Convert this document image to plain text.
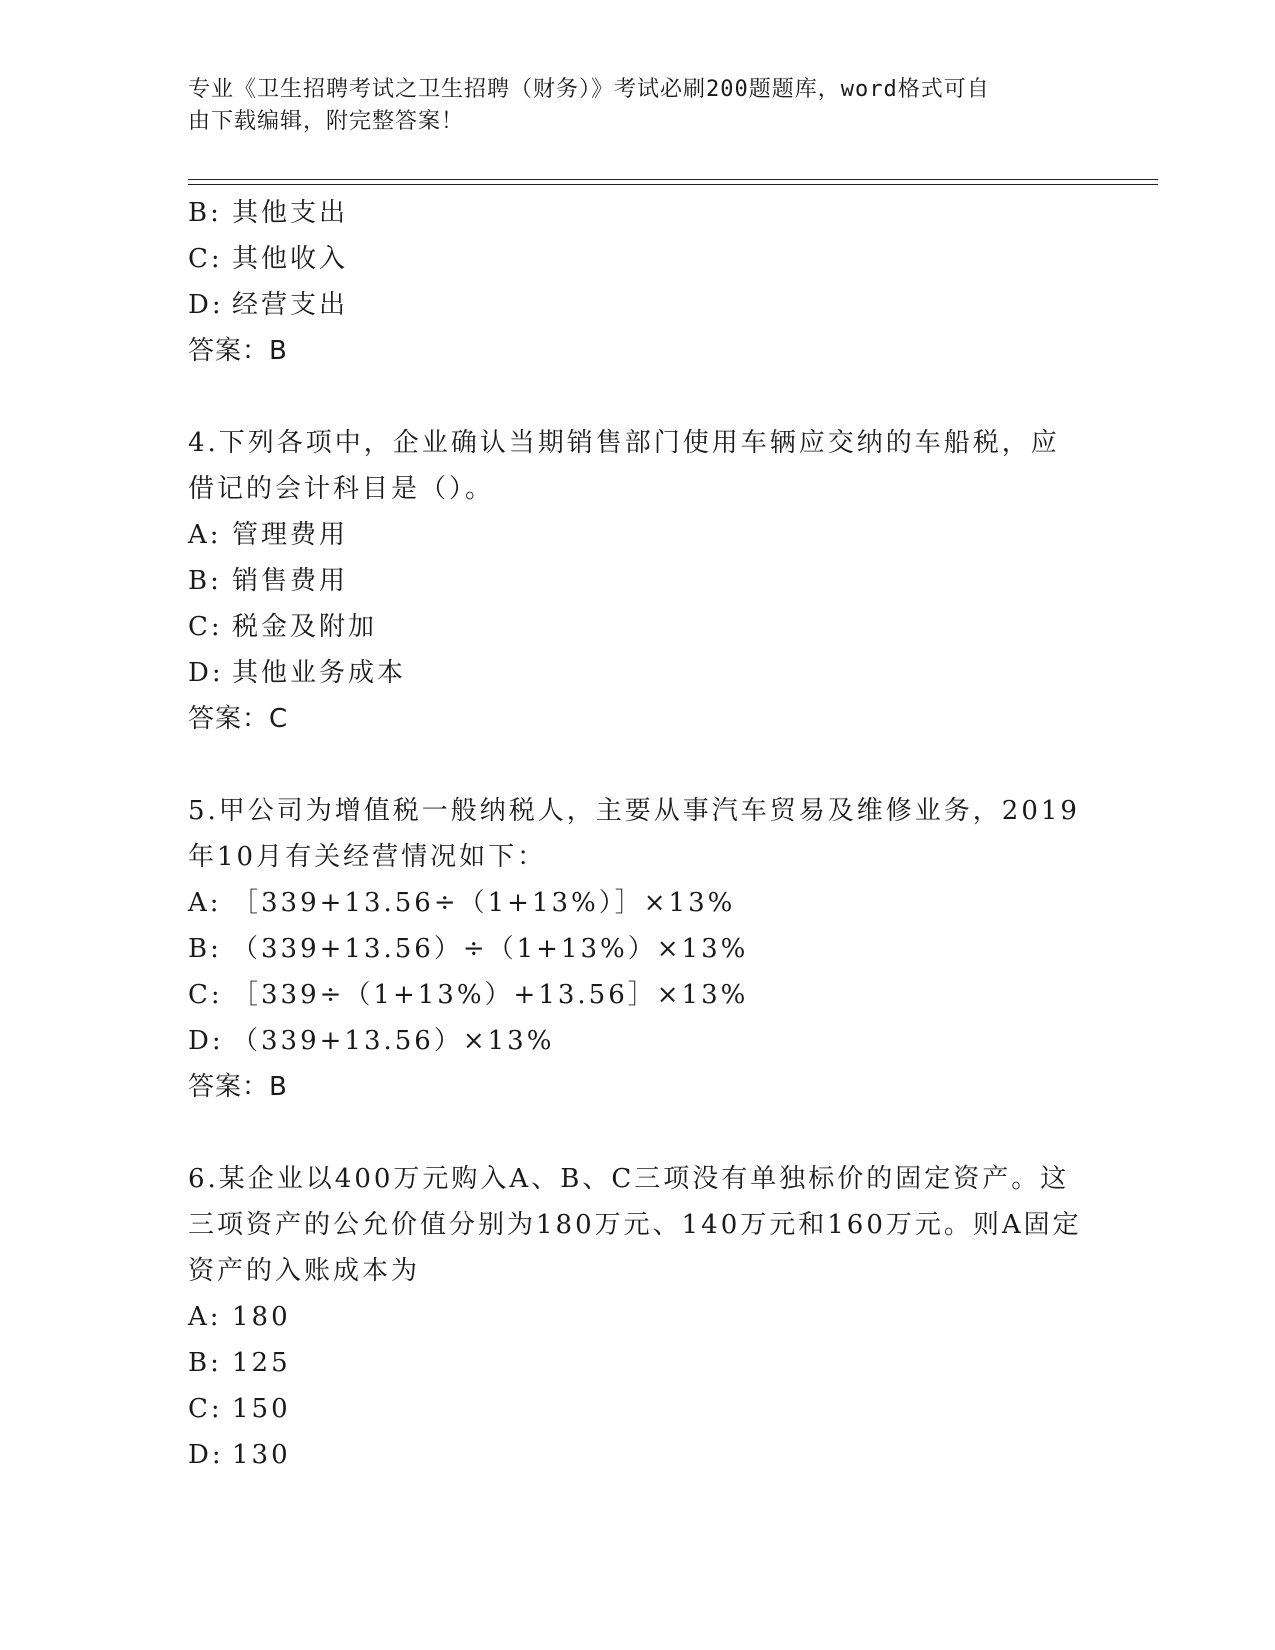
专业《卫生招聘考试之卫生招聘（财务）》考试必刷200题题库，word格式可自
由下载编辑，附完整答案！
B: 其他支出
C: 其他收入
D: 经营支出
答案：B
4.下列各项中，企业确认当期销售部门使用车辆应交纳的车船税，应
借记的会计科目是（）。
A: 管理费用
B: 销售费用
C: 税金及附加
D: 其他业务成本
答案：C
5.甲公司为增值税一般纳税人，主要从事汽车贸易及维修业务，2019
年10月有关经营情况如下：
A: ［339+13.56÷（1+13%）］×13%
B: （339+13.56）÷（1+13%）×13%
C: ［339÷（1+13%）+13.56］×13%
D: （339+13.56）×13%
答案：B
6.某企业以400万元购入A、B、C三项没有单独标价的固定资产。这
三项资产的公允价值分别为180万元、140万元和160万元。则A固定
资产的入账成本为
A: 180
B: 125
C: 150
D: 130
